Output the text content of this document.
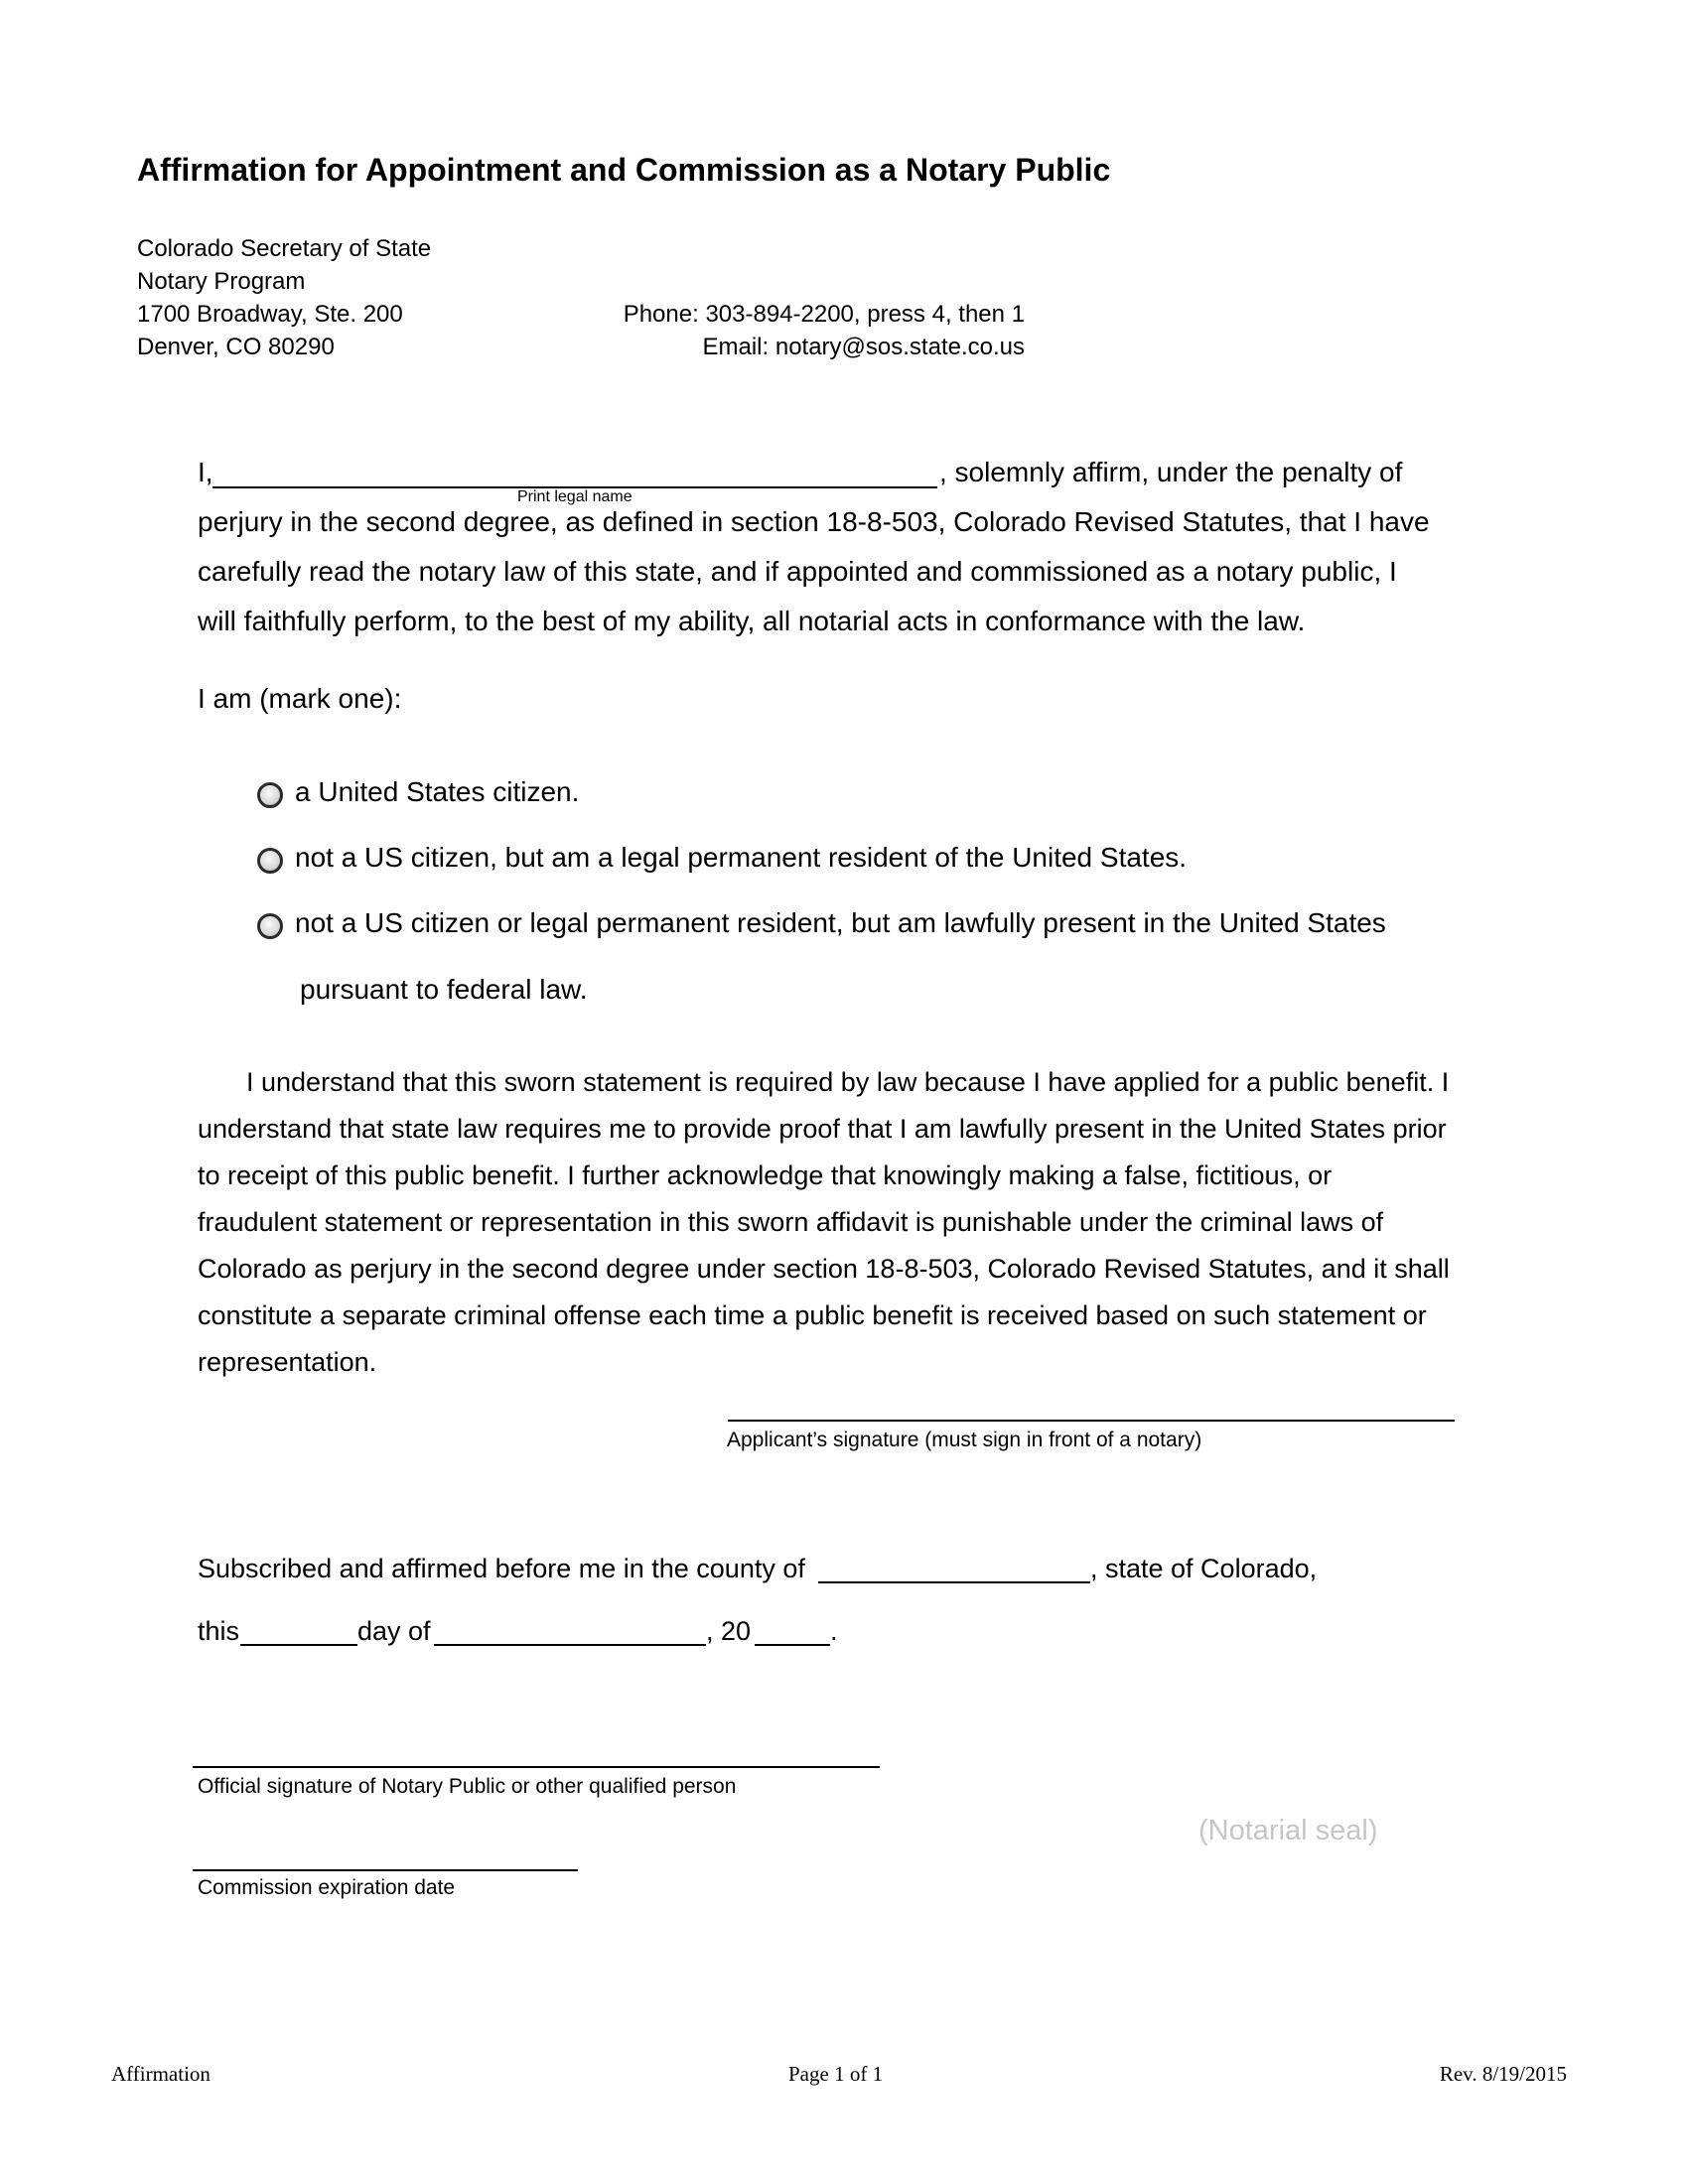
Affirmation for Appointment and Commission as a Notary Public
Colorado Secretary of State
Notary Program
1700 Broadway, Ste. 200
Denver, CO 80290
Phone: 303-894-2200, press 4, then 1
Email: notary@sos.state.co.us
I,
Print legal name
, solemnly affirm, under the penalty of
perjury in the second degree, as defined in section 18-8-503, Colorado Revised Statutes, that I have
carefully read the notary law of this state, and if appointed and commissioned as a notary public, I
will faithfully perform, to the best of my ability, all notarial acts in conformance with the law.
I am (mark one):
a United States citizen.
not a US citizen, but am a legal permanent resident of the United States.
not a US citizen or legal permanent resident, but am lawfully present in the United States
pursuant to federal law.
I understand that this sworn statement is required by law because I have applied for a public benefit. I
understand that state law requires me to provide proof that I am lawfully present in the United States prior
to receipt of this public benefit. I further acknowledge that knowingly making a false, fictitious, or
fraudulent statement or representation in this sworn affidavit is punishable under the criminal laws of
Colorado as perjury in the second degree under section 18-8-503, Colorado Revised Statutes, and it shall
constitute a separate criminal offense each time a public benefit is received based on such statement or
representation.
Applicant’s signature (must sign in front of a notary)
Subscribed and affirmed before me in the county of	, state of Colorado,
this	day of	, 20	.
Official signature of Notary Public or other qualified person
(Notarial seal)
Commission expiration date
Affirmation	Page 1 of 1	Rev. 8/19/2015
